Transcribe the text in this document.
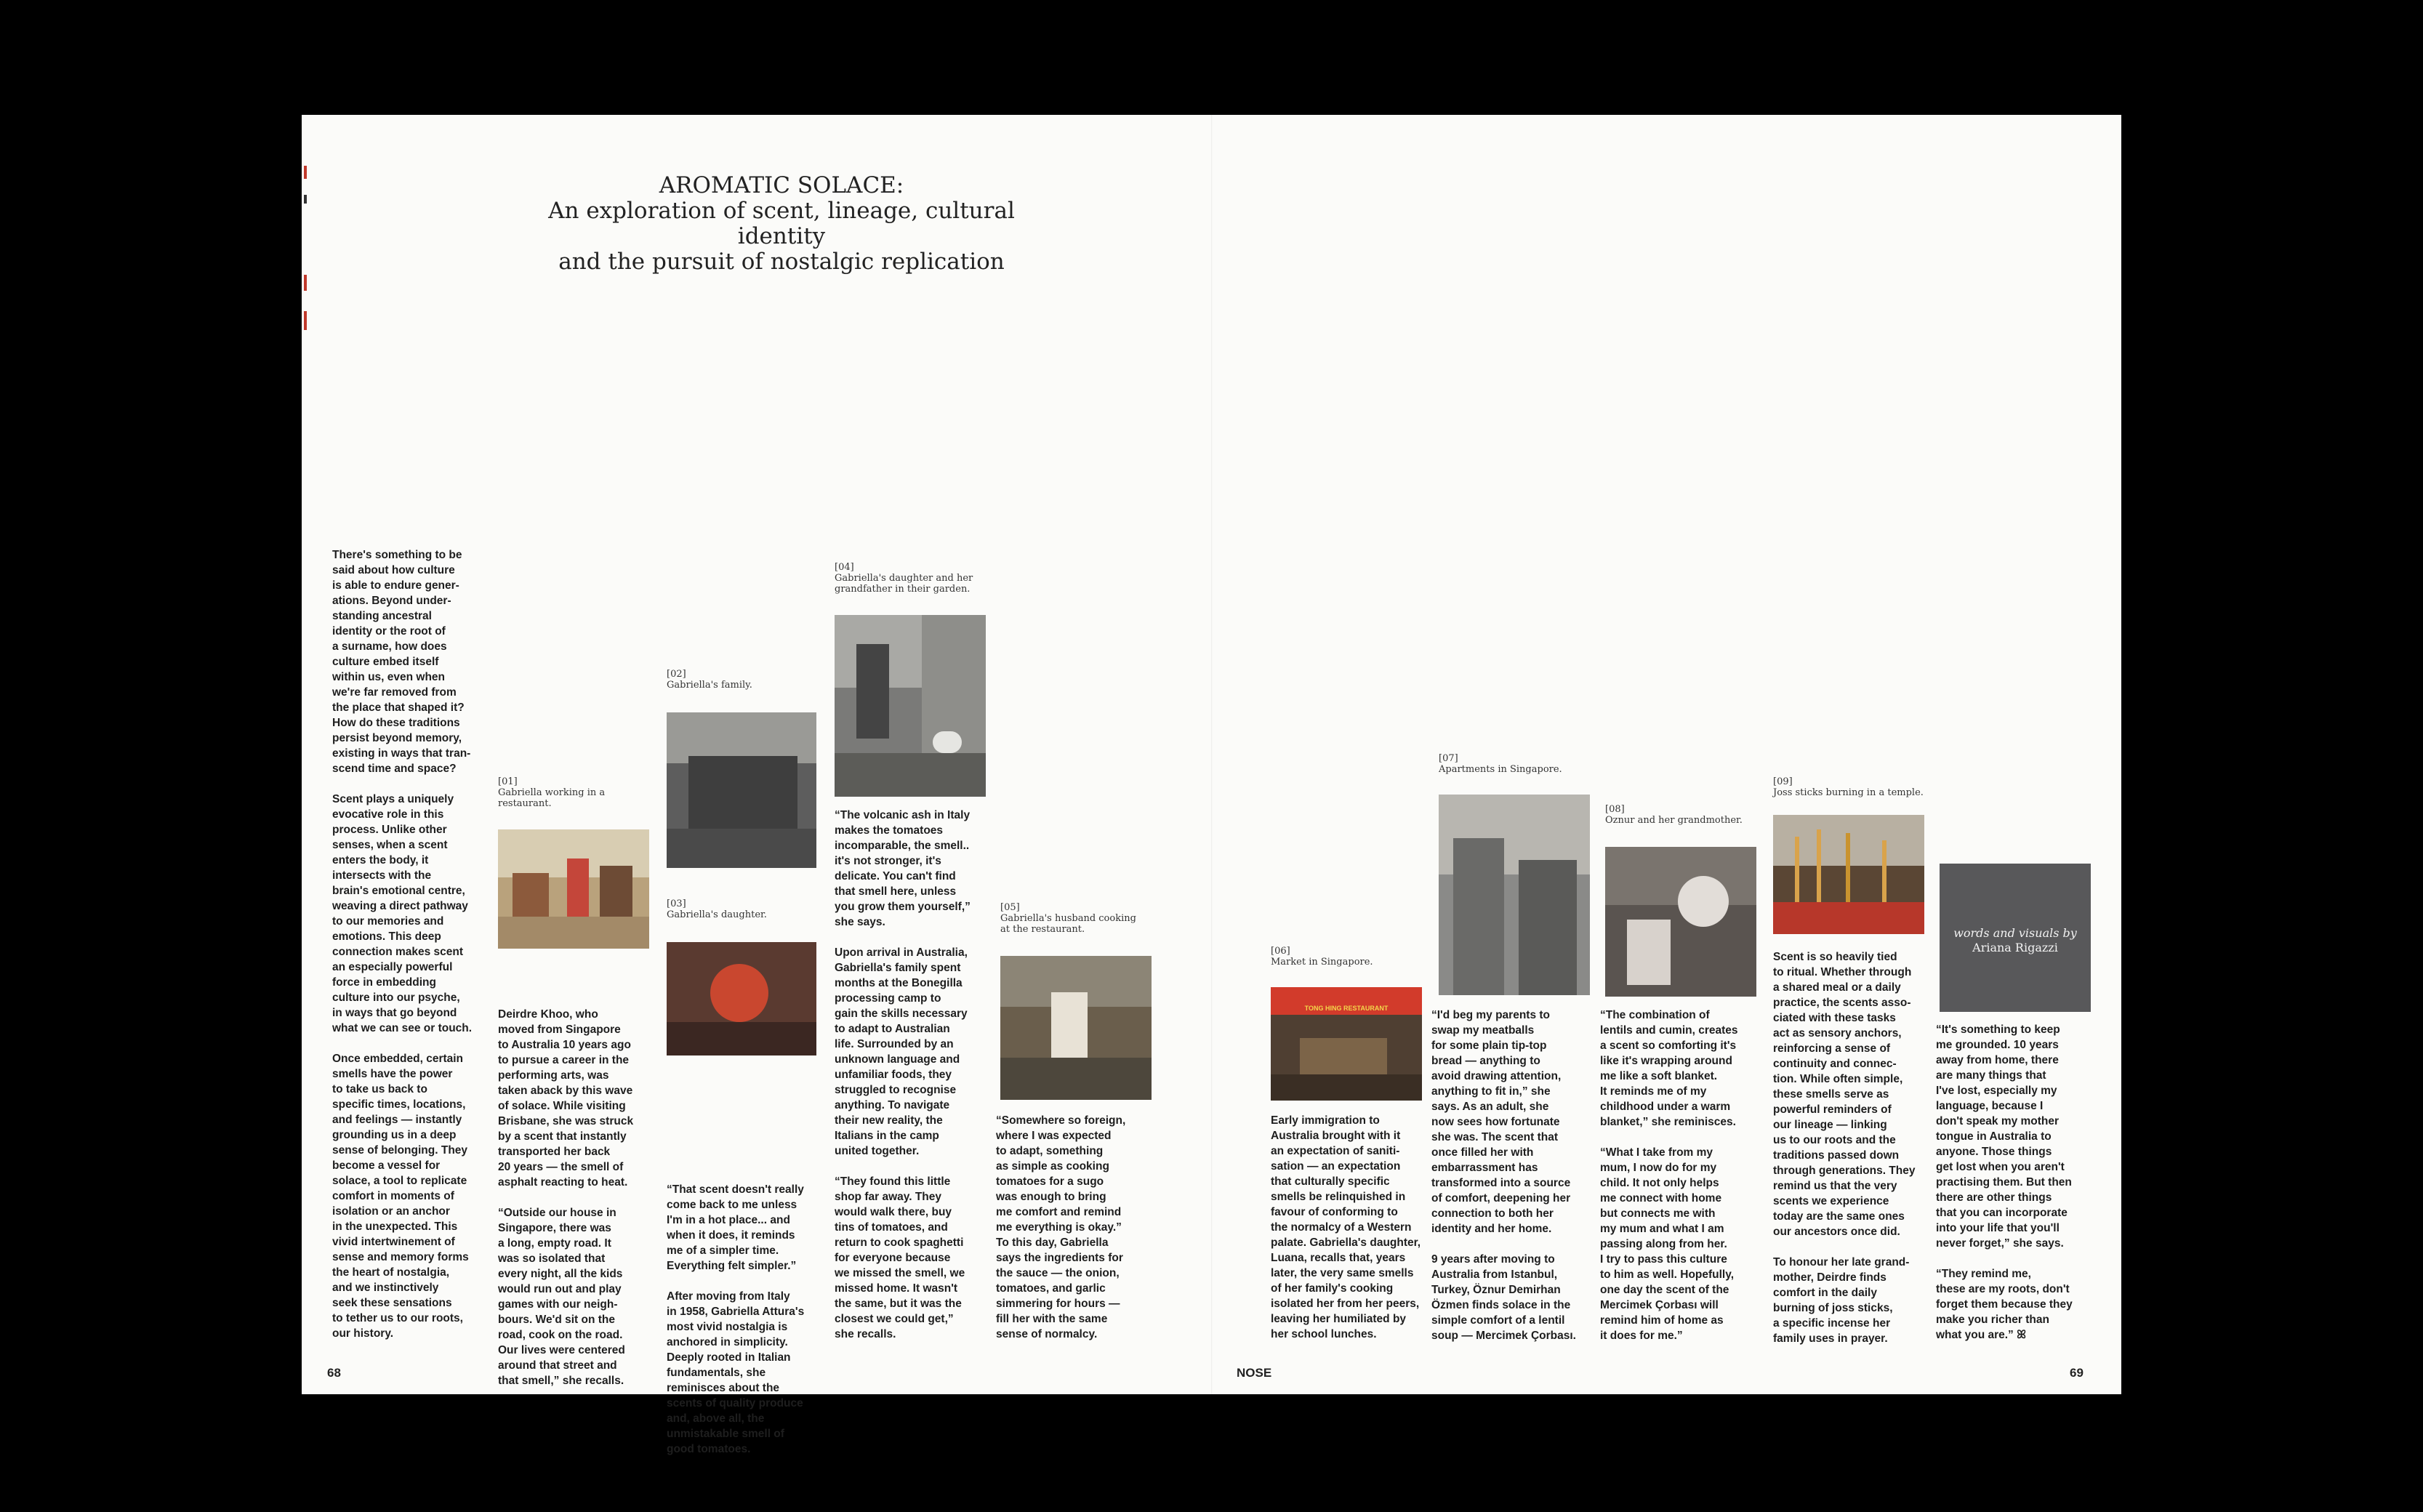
AROMATIC SOLACE:
An exploration of scent, lineage, cultural identity
and the pursuit of nostalgic replication

There's something to be
said about how culture
is able to endure gener-
ations. Beyond under-
standing ancestral
identity or the root of
a surname, how does
culture embed itself
within us, even when
we're far removed from
the place that shaped it?
How do these traditions
persist beyond memory,
existing in ways that tran-
scend time and space?

Scent plays a uniquely
evocative role in this
process. Unlike other
senses, when a scent
enters the body, it
intersects with the
brain's emotional centre,
weaving a direct pathway
to our memories and
emotions. This deep
connection makes scent
an especially powerful
force in embedding
culture into our psyche,
in ways that go beyond
what we can see or touch.

Once embedded, certain
smells have the power
to take us back to
specific times, locations,
and feelings — instantly
grounding us in a deep
sense of belonging. They
become a vessel for
solace, a tool to replicate
comfort in moments of
isolation or an anchor
in the unexpected. This
vivid intertwinement of
sense and memory forms
the heart of nostalgia,
and we instinctively
seek these sensations
to tether us to our roots,
our history.

[01]
Gabriella working in a
restaurant.

Deirdre Khoo, who
moved from Singapore
to Australia 10 years ago
to pursue a career in the
performing arts, was
taken aback by this wave
of solace. While visiting
Brisbane, she was struck
by a scent that instantly
transported her back
20 years — the smell of
asphalt reacting to heat.

“Outside our house in
Singapore, there was
a long, empty road. It
was so isolated that
every night, all the kids
would run out and play
games with our neigh-
bours. We'd sit on the
road, cook on the road.
Our lives were centered
around that street and
that smell,” she recalls.

[02]
Gabriella's family.
[03]
Gabriella's daughter.

“That scent doesn't really
come back to me unless
I'm in a hot place... and
when it does, it reminds
me of a simpler time.
Everything felt simpler.”

After moving from Italy
in 1958, Gabriella Attura's
most vivid nostalgia is
anchored in simplicity.
Deeply rooted in Italian
fundamentals, she
reminisces about the
scents of quality produce
and, above all, the
unmistakable smell of
good tomatoes.

[04]
Gabriella's daughter and her
grandfather in their garden.

“The volcanic ash in Italy
makes the tomatoes
incomparable, the smell..
it's not stronger, it's
delicate. You can't find
that smell here, unless
you grow them yourself,”
she says.

Upon arrival in Australia,
Gabriella's family spent
months at the Bonegilla
processing camp to
gain the skills necessary
to adapt to Australian
life. Surrounded by an
unknown language and
unfamiliar foods, they
struggled to recognise
anything. To navigate
their new reality, the
Italians in the camp
united together.

“They found this little
shop far away. They
would walk there, buy
tins of tomatoes, and
return to cook spaghetti
for everyone because
we missed the smell, we
missed home. It wasn't
the same, but it was the
closest we could get,”
she recalls.

[05]
Gabriella's husband cooking
at the restaurant.

“Somewhere so foreign,
where I was expected
to adapt, something
as simple as cooking
tomatoes for a sugo
was enough to bring
me comfort and remind
me everything is okay.”
To this day, Gabriella
says the ingredients for
the sauce — the onion,
tomatoes, and garlic
simmering for hours —
fill her with the same
sense of normalcy.

68
[06]
Market in Singapore.
TONG HING RESTAURANT

Early immigration to
Australia brought with it
an expectation of saniti-
sation — an expectation
that culturally specific
smells be relinquished in
favour of conforming to
the normalcy of a Western
palate. Gabriella's daughter,
Luana, recalls that, years
later, the very same smells
of her family's cooking
isolated her from her peers,
leaving her humiliated by
her school lunches.

[07]
Apartments in Singapore.

“I'd beg my parents to
swap my meatballs
for some plain tip-top
bread — anything to
avoid drawing attention,
anything to fit in,” she
says. As an adult, she
now sees how fortunate
she was. The scent that
once filled her with
embarrassment has
transformed into a source
of comfort, deepening her
connection to both her
identity and her home.

9 years after moving to
Australia from Istanbul,
Turkey, Öznur Demirhan
Özmen finds solace in the
simple comfort of a lentil
soup — Mercimek Çorbası.

[08]
Oznur and her grandmother.

“The combination of
lentils and cumin, creates
a scent so comforting it's
like it's wrapping around
me like a soft blanket.
It reminds me of my
childhood under a warm
blanket,” she reminisces.

“What I take from my
mum, I now do for my
child. It not only helps
me connect with home
but connects me with
my mum and what I am
passing along from her.
I try to pass this culture
to him as well. Hopefully,
one day the scent of the
Mercimek Çorbası will
remind him of home as
it does for me.”

[09]
Joss sticks burning in a temple.

Scent is so heavily tied
to ritual. Whether through
a shared meal or a daily
practice, the scents asso-
ciated with these tasks
act as sensory anchors,
reinforcing a sense of
continuity and connec-
tion. While often simple,
these smells serve as
powerful reminders of
our lineage — linking
us to our roots and the
traditions passed down
through generations. They
remind us that the very
scents we experience
today are the same ones
our ancestors once did.

To honour her late grand-
mother, Deirdre finds
comfort in the daily
burning of joss sticks,
a specific incense her
family uses in prayer.

words and visuals by
Ariana Rigazzi

“It's something to keep
me grounded. 10 years
away from home, there
are many things that
I've lost, especially my
language, because I
don't speak my mother
tongue in Australia to
anyone. Those things
get lost when you aren't
practising them. But then
there are other things
that you can incorporate
into your life that you'll
never forget,” she says.

“They remind me,
these are my roots, don't
forget them because they
make you richer than
what you are.” ꕤ

NOSE	69
